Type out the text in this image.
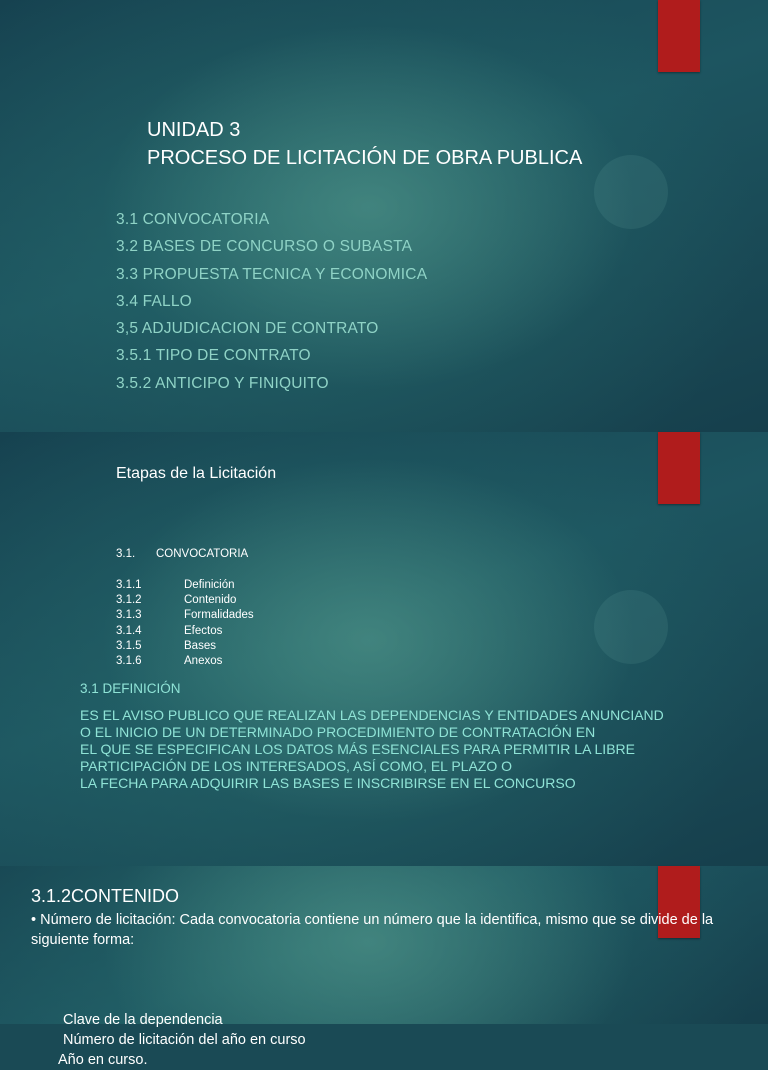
UNIDAD 3
PROCESO DE LICITACIÓN DE OBRA PUBLICA
3.1 CONVOCATORIA
3.2 BASES DE CONCURSO O SUBASTA
3.3 PROPUESTA TECNICA Y ECONOMICA
3.4 FALLO
3,5 ADJUDICACION DE CONTRATO
3.5.1 TIPO DE CONTRATO
3.5.2 ANTICIPO Y FINIQUITO
Etapas de la Licitación
3.1. CONVOCATORIA
3.1.1	Definición
3.1.2	Contenido
3.1.3	Formalidades
3.1.4	Efectos
3.1.5	Bases
3.1.6	Anexos
3.1 DEFINICIÓN
ES EL AVISO PUBLICO QUE REALIZAN LAS DEPENDENCIAS Y ENTIDADES ANUNCIAND
O EL INICIO DE UN DETERMINADO PROCEDIMIENTO DE CONTRATACIÓN EN
EL QUE SE ESPECIFICAN LOS DATOS MÁS ESENCIALES PARA PERMITIR LA LIBRE
PARTICIPACIÓN DE LOS INTERESADOS, ASÍ COMO, EL PLAZO O
LA FECHA PARA ADQUIRIR LAS BASES E INSCRIBIRSE EN EL CONCURSO
3.1.2CONTENIDO
• Número de licitación: Cada convocatoria contiene un número que la identifica, mismo que se divide de la siguiente forma:
Clave de la dependencia
Número de licitación del año en curso
Año en curso.
